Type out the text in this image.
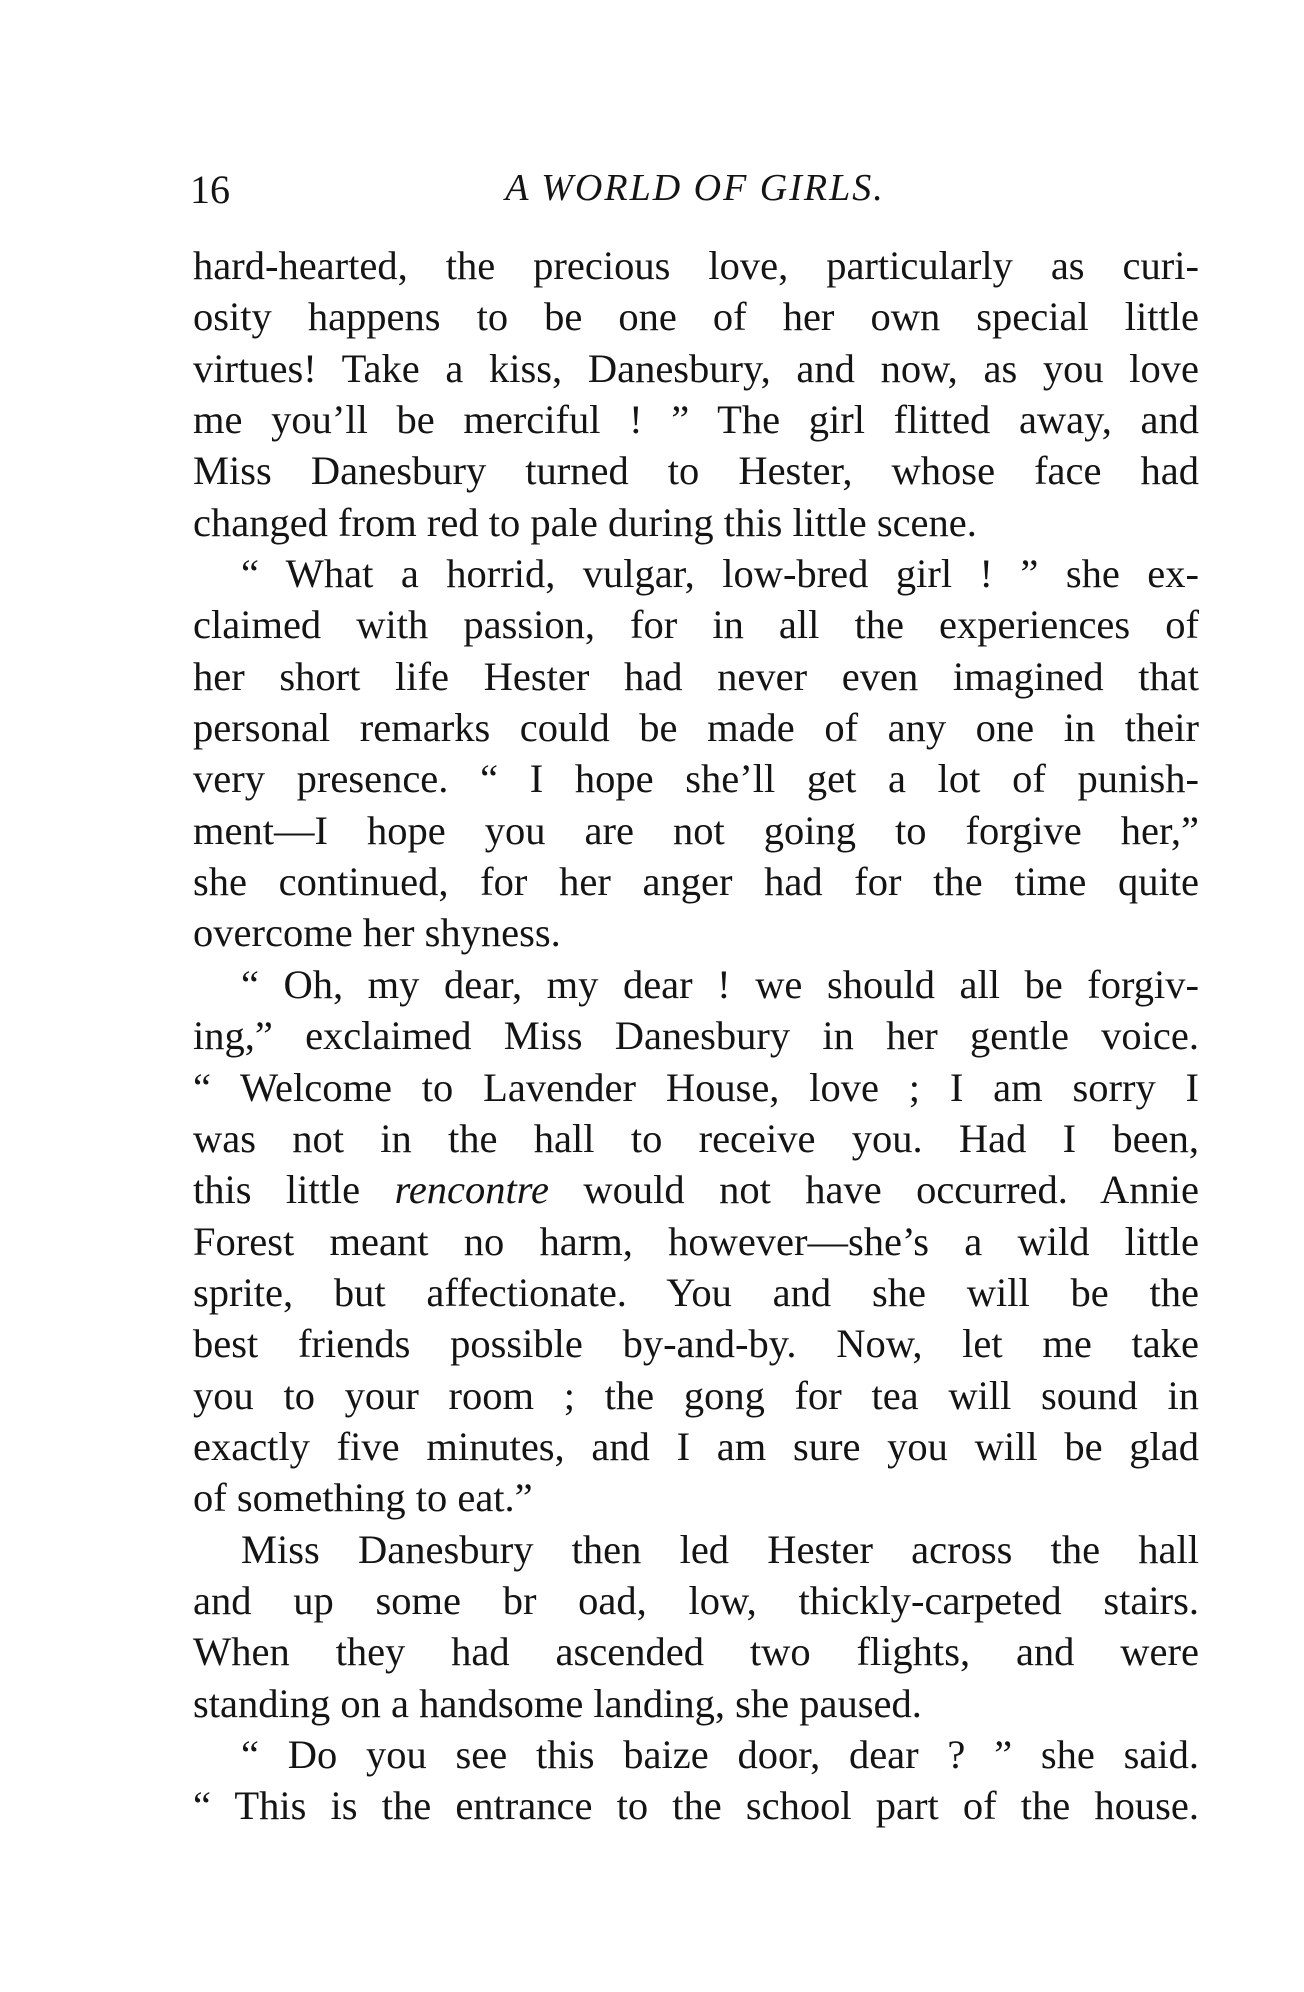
16	A WORLD OF GIRLS.
hard-hearted, the precious love, particularly as curi-
osity happens to be one of her own special little
virtues! Take a kiss, Danesbury, and now, as you love
me you’ll be merciful ! ” The girl flitted away, and
Miss Danesbury turned to Hester, whose face had
changed from red to pale during this little scene.
“ What a horrid, vulgar, low-bred girl ! ” she ex-
claimed with passion, for in all the experiences of
her short life Hester had never even imagined that
personal remarks could be made of any one in their
very presence. “ I hope she’ll get a lot of punish-
ment—I hope you are not going to forgive her,”
she continued, for her anger had for the time quite
overcome her shyness.
“ Oh, my dear, my dear ! we should all be forgiv-
ing,” exclaimed Miss Danesbury in her gentle voice.
“ Welcome to Lavender House, love ; I am sorry I
was not in the hall to receive you. Had I been,
this little rencontre would not have occurred. Annie
Forest meant no harm, however—she’s a wild little
sprite, but affectionate. You and she will be the
best friends possible by-and-by. Now, let me take
you to your room ; the gong for tea will sound in
exactly five minutes, and I am sure you will be glad
of something to eat.”
Miss Danesbury then led Hester across the hall
and up some br oad, low, thickly-carpeted stairs.
When they had ascended two flights, and were
standing on a handsome landing, she paused.
“ Do you see this baize door, dear ? ” she said.
“ This is the entrance to the school part of the house.
